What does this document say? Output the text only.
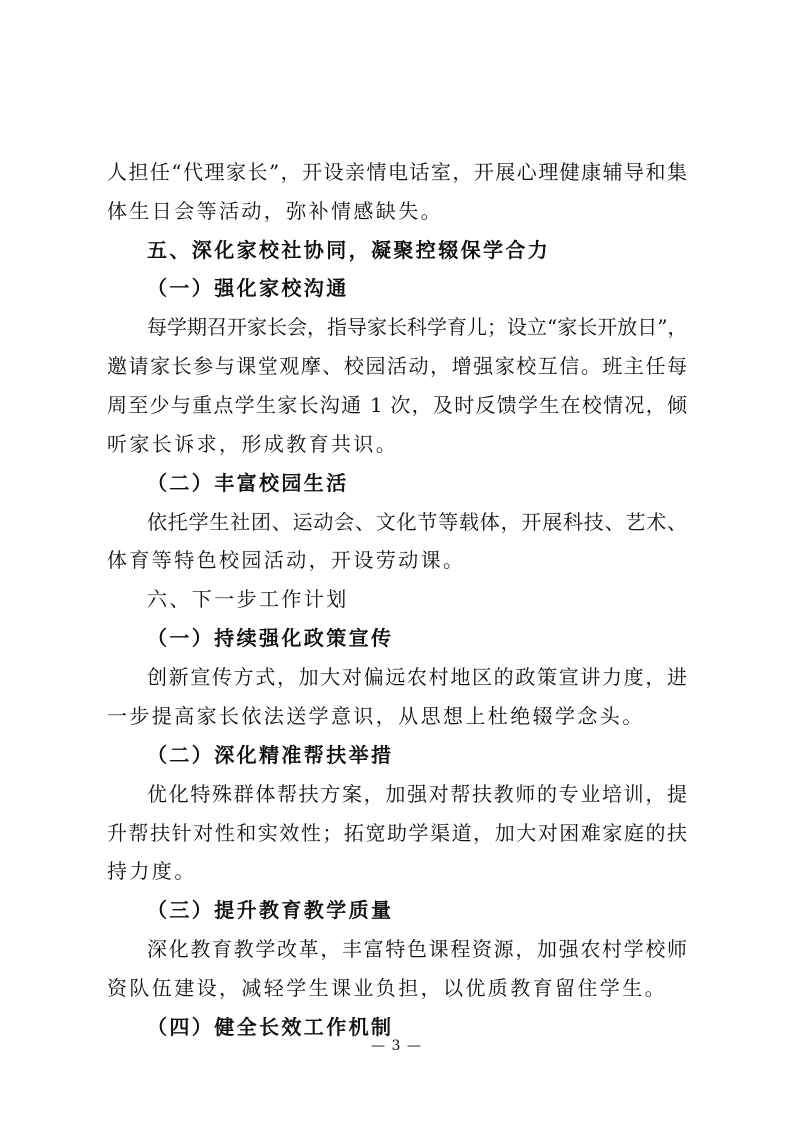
人担任“代理家长”，开设亲情电话室，开展心理健康辅导和集
体生日会等活动，弥补情感缺失。
五、深化家校社协同，凝聚控辍保学合力
（一）强化家校沟通
每学期召开家长会，指导家长科学育儿；设立“家长开放日”，
邀请家长参与课堂观摩、校园活动，增强家校互信。班主任每
周至少与重点学生家长沟通 1 次，及时反馈学生在校情况，倾
听家长诉求，形成教育共识。
（二）丰富校园生活
依托学生社团、运动会、文化节等载体，开展科技、艺术、
体育等特色校园活动，开设劳动课。
六、下一步工作计划
（一）持续强化政策宣传
创新宣传方式，加大对偏远农村地区的政策宣讲力度，进
一步提高家长依法送学意识，从思想上杜绝辍学念头。
（二）深化精准帮扶举措
优化特殊群体帮扶方案，加强对帮扶教师的专业培训，提
升帮扶针对性和实效性；拓宽助学渠道，加大对困难家庭的扶
持力度。
（三）提升教育教学质量
深化教育教学改革，丰富特色课程资源，加强农村学校师
资队伍建设，减轻学生课业负担，以优质教育留住学生。
（四）健全长效工作机制
— 3 —
